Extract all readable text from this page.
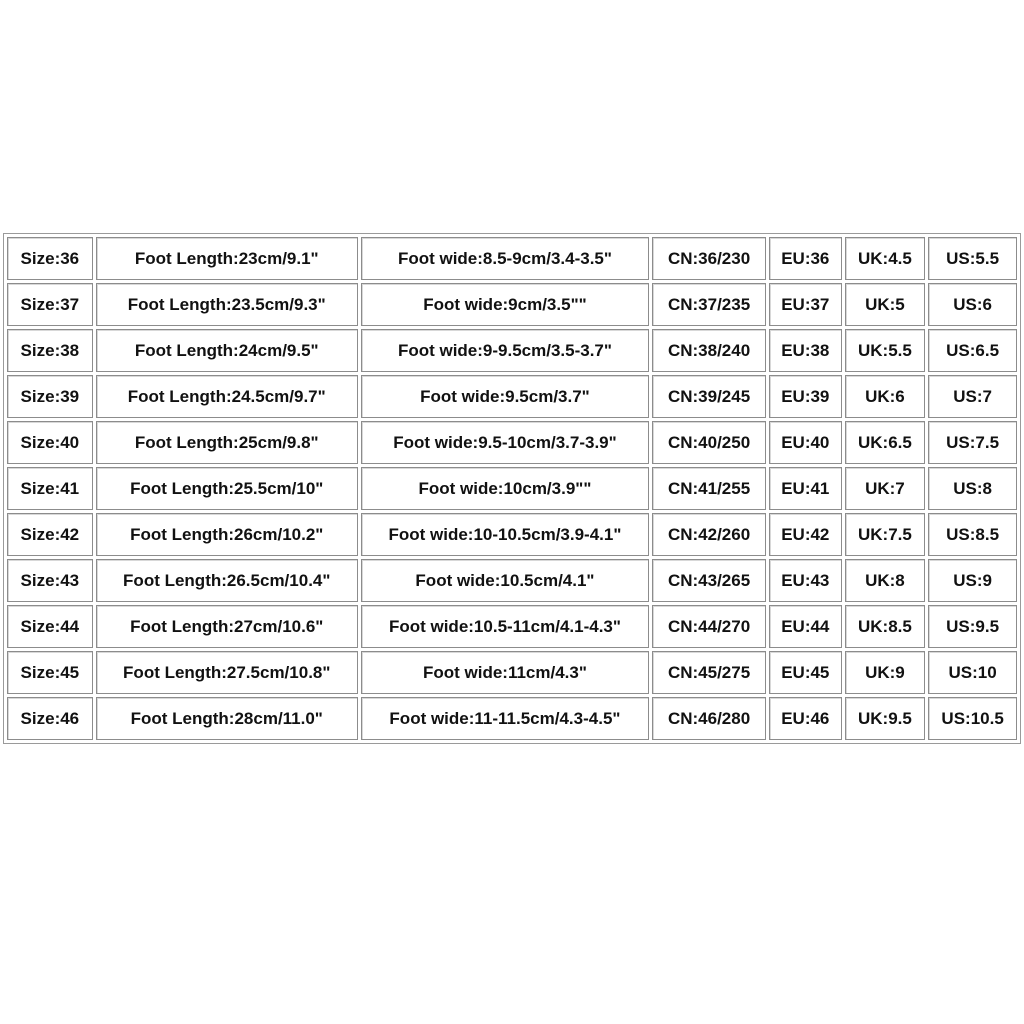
Size:36	Foot Length:23cm/9.1"	Foot wide:8.5-9cm/3.4-3.5"	CN:36/230	EU:36	UK:4.5	US:5.5
Size:37	Foot Length:23.5cm/9.3"	Foot wide:9cm/3.5""	CN:37/235	EU:37	UK:5	US:6
Size:38	Foot Length:24cm/9.5"	Foot wide:9-9.5cm/3.5-3.7"	CN:38/240	EU:38	UK:5.5	US:6.5
Size:39	Foot Length:24.5cm/9.7"	Foot wide:9.5cm/3.7"	CN:39/245	EU:39	UK:6	US:7
Size:40	Foot Length:25cm/9.8"	Foot wide:9.5-10cm/3.7-3.9"	CN:40/250	EU:40	UK:6.5	US:7.5
Size:41	Foot Length:25.5cm/10"	Foot wide:10cm/3.9""	CN:41/255	EU:41	UK:7	US:8
Size:42	Foot Length:26cm/10.2"	Foot wide:10-10.5cm/3.9-4.1"	CN:42/260	EU:42	UK:7.5	US:8.5
Size:43	Foot Length:26.5cm/10.4"	Foot wide:10.5cm/4.1"	CN:43/265	EU:43	UK:8	US:9
Size:44	Foot Length:27cm/10.6"	Foot wide:10.5-11cm/4.1-4.3"	CN:44/270	EU:44	UK:8.5	US:9.5
Size:45	Foot Length:27.5cm/10.8"	Foot wide:11cm/4.3"	CN:45/275	EU:45	UK:9	US:10
Size:46	Foot Length:28cm/11.0"	Foot wide:11-11.5cm/4.3-4.5"	CN:46/280	EU:46	UK:9.5	US:10.5
